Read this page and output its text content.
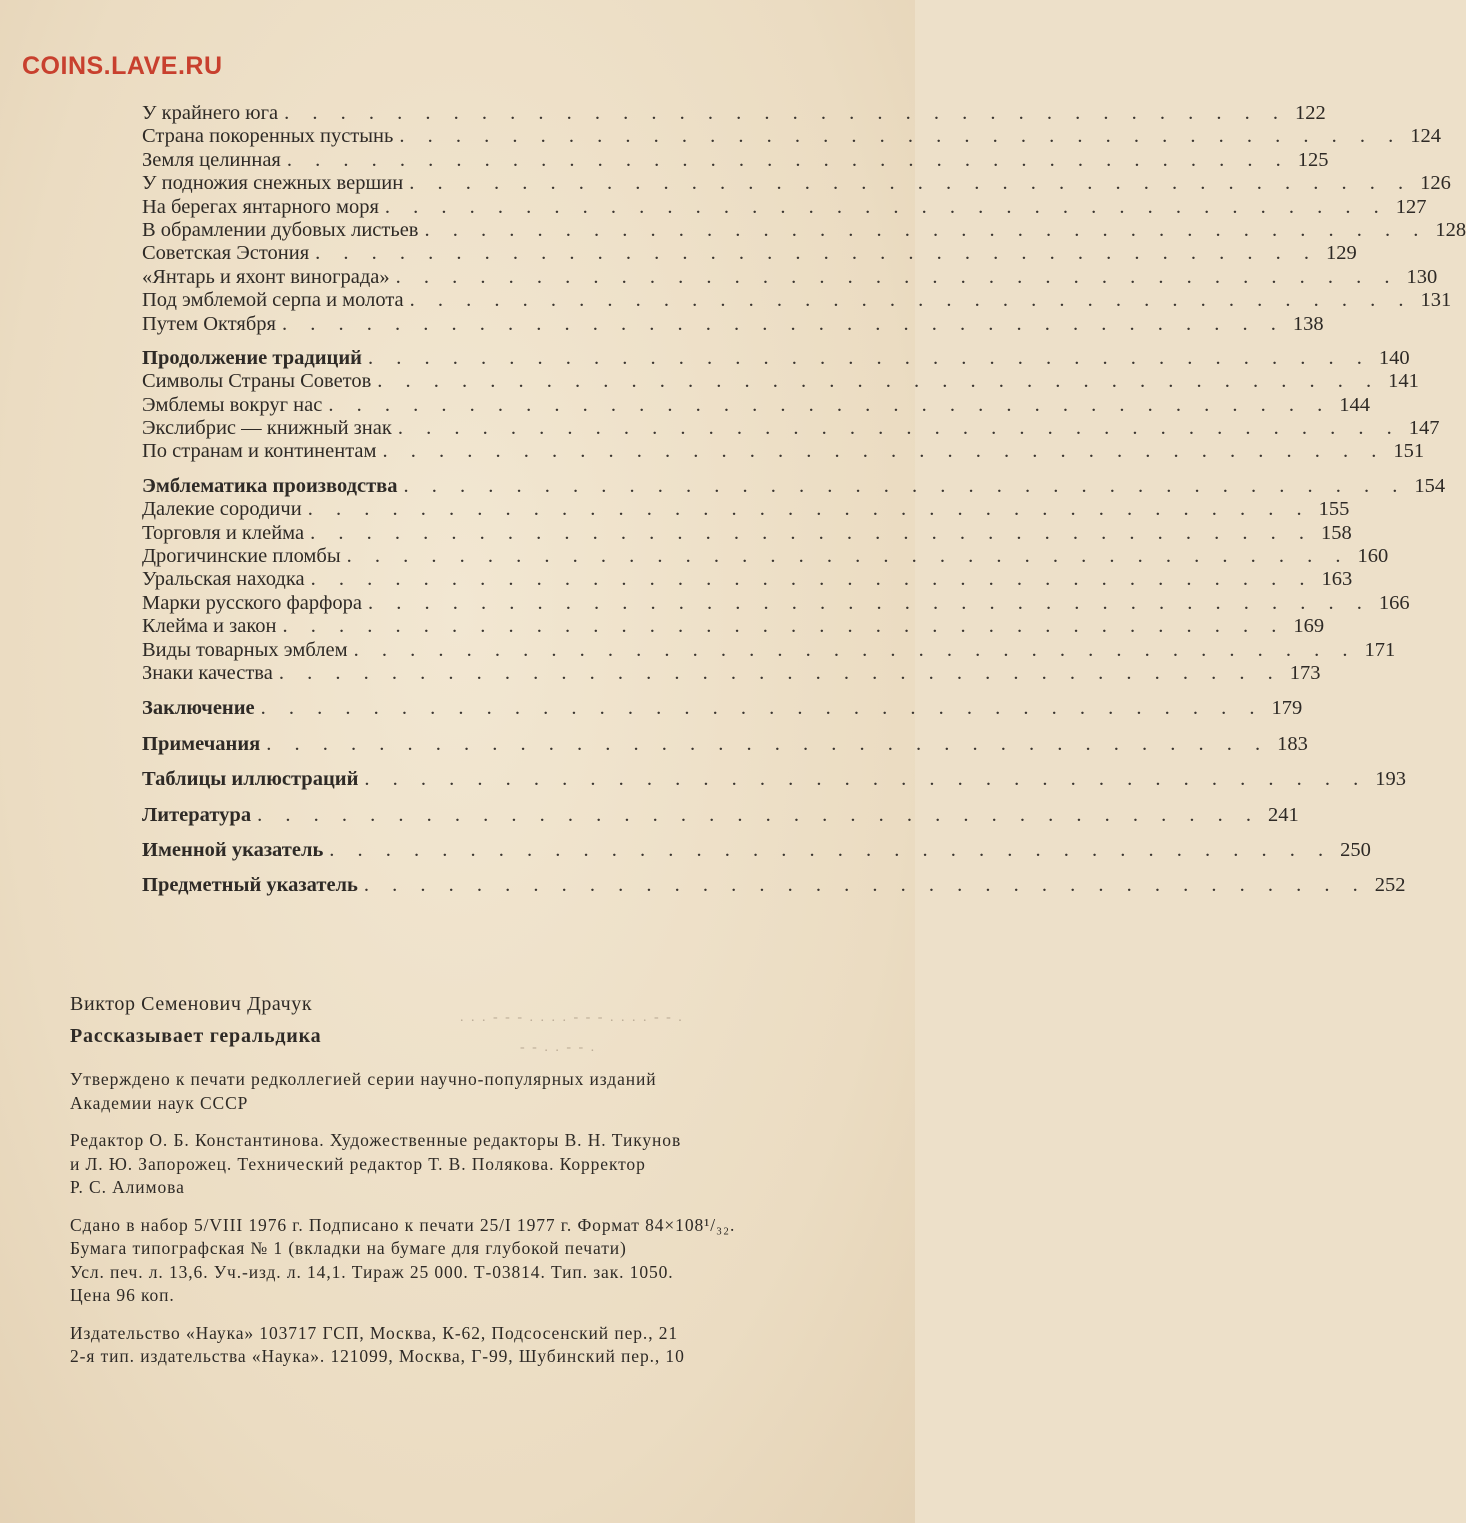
COINS.LAVE.RU
У крайнего юга . . . . . . . . . . . . . . . . . . . . . . . . . . . . . . . . . . . . 122
Страна покоренных пустынь . . . . . . . . . . . . . . . . . . . . . . . . . . . . . . . . . . . . 124
Земля целинная . . . . . . . . . . . . . . . . . . . . . . . . . . . . . . . . . . . . 125
У подножия снежных вершин . . . . . . . . . . . . . . . . . . . . . . . . . . . . . . . . . . . . 126
На берегах янтарного моря . . . . . . . . . . . . . . . . . . . . . . . . . . . . . . . . . . . . 127
В обрамлении дубовых листьев . . . . . . . . . . . . . . . . . . . . . . . . . . . . . . . . . . . . 128
Советская Эстония . . . . . . . . . . . . . . . . . . . . . . . . . . . . . . . . . . . . 129
«Янтарь и яхонт винограда» . . . . . . . . . . . . . . . . . . . . . . . . . . . . . . . . . . . . 130
Под эмблемой серпа и молота . . . . . . . . . . . . . . . . . . . . . . . . . . . . . . . . . . . . 131
Путем Октября . . . . . . . . . . . . . . . . . . . . . . . . . . . . . . . . . . . . 138
Продолжение традиций . . . . . . . . . . . . . . . . . . . . . . . . . . . . . . . . . . . . 140
Символы Страны Советов . . . . . . . . . . . . . . . . . . . . . . . . . . . . . . . . . . . . 141
Эмблемы вокруг нас . . . . . . . . . . . . . . . . . . . . . . . . . . . . . . . . . . . . 144
Экслибрис — книжный знак . . . . . . . . . . . . . . . . . . . . . . . . . . . . . . . . . . . . 147
По странам и континентам . . . . . . . . . . . . . . . . . . . . . . . . . . . . . . . . . . . . 151
Эмблематика производства . . . . . . . . . . . . . . . . . . . . . . . . . . . . . . . . . . . . 154
Далекие сородичи . . . . . . . . . . . . . . . . . . . . . . . . . . . . . . . . . . . . 155
Торговля и клейма . . . . . . . . . . . . . . . . . . . . . . . . . . . . . . . . . . . . 158
Дрогичинские пломбы . . . . . . . . . . . . . . . . . . . . . . . . . . . . . . . . . . . . 160
Уральская находка . . . . . . . . . . . . . . . . . . . . . . . . . . . . . . . . . . . . 163
Марки русского фарфора . . . . . . . . . . . . . . . . . . . . . . . . . . . . . . . . . . . . 166
Клейма и закон . . . . . . . . . . . . . . . . . . . . . . . . . . . . . . . . . . . . 169
Виды товарных эмблем . . . . . . . . . . . . . . . . . . . . . . . . . . . . . . . . . . . . 171
Знаки качества . . . . . . . . . . . . . . . . . . . . . . . . . . . . . . . . . . . . 173
Заключение . . . . . . . . . . . . . . . . . . . . . . . . . . . . . . . . . . . . 179
Примечания . . . . . . . . . . . . . . . . . . . . . . . . . . . . . . . . . . . . 183
Таблицы иллюстраций . . . . . . . . . . . . . . . . . . . . . . . . . . . . . . . . . . . . 193
Литература . . . . . . . . . . . . . . . . . . . . . . . . . . . . . . . . . . . . 241
Именной указатель . . . . . . . . . . . . . . . . . . . . . . . . . . . . . . . . . . . . 250
Предметный указатель . . . . . . . . . . . . . . . . . . . . . . . . . . . . . . . . . . . . 252
. . . - - - . . . . - - - . . . . - - .
- - . . - - .
Виктор Семенович Драчук
Рассказывает геральдика
Утверждено к печати редколлегией серии научно-популярных изданий
Академии наук СССР
Редактор О. Б. Константинова. Художественные редакторы В. Н. Тикунов
и Л. Ю. Запорожец. Технический редактор Т. В. Полякова. Корректор
Р. С. Алимова
Сдано в набор 5/VIII 1976 г. Подписано к печати 25/I 1977 г. Формат 84×108¹/₃₂.
Бумага типографская № 1 (вкладки на бумаге для глубокой печати)
Усл. печ. л. 13,6. Уч.-изд. л. 14,1. Тираж 25 000. Т-03814. Тип. зак. 1050.
Цена 96 коп.
Издательство «Наука» 103717 ГСП, Москва, К-62, Подсосенский пер., 21
2-я тип. издательства «Наука». 121099, Москва, Г-99, Шубинский пер., 10
